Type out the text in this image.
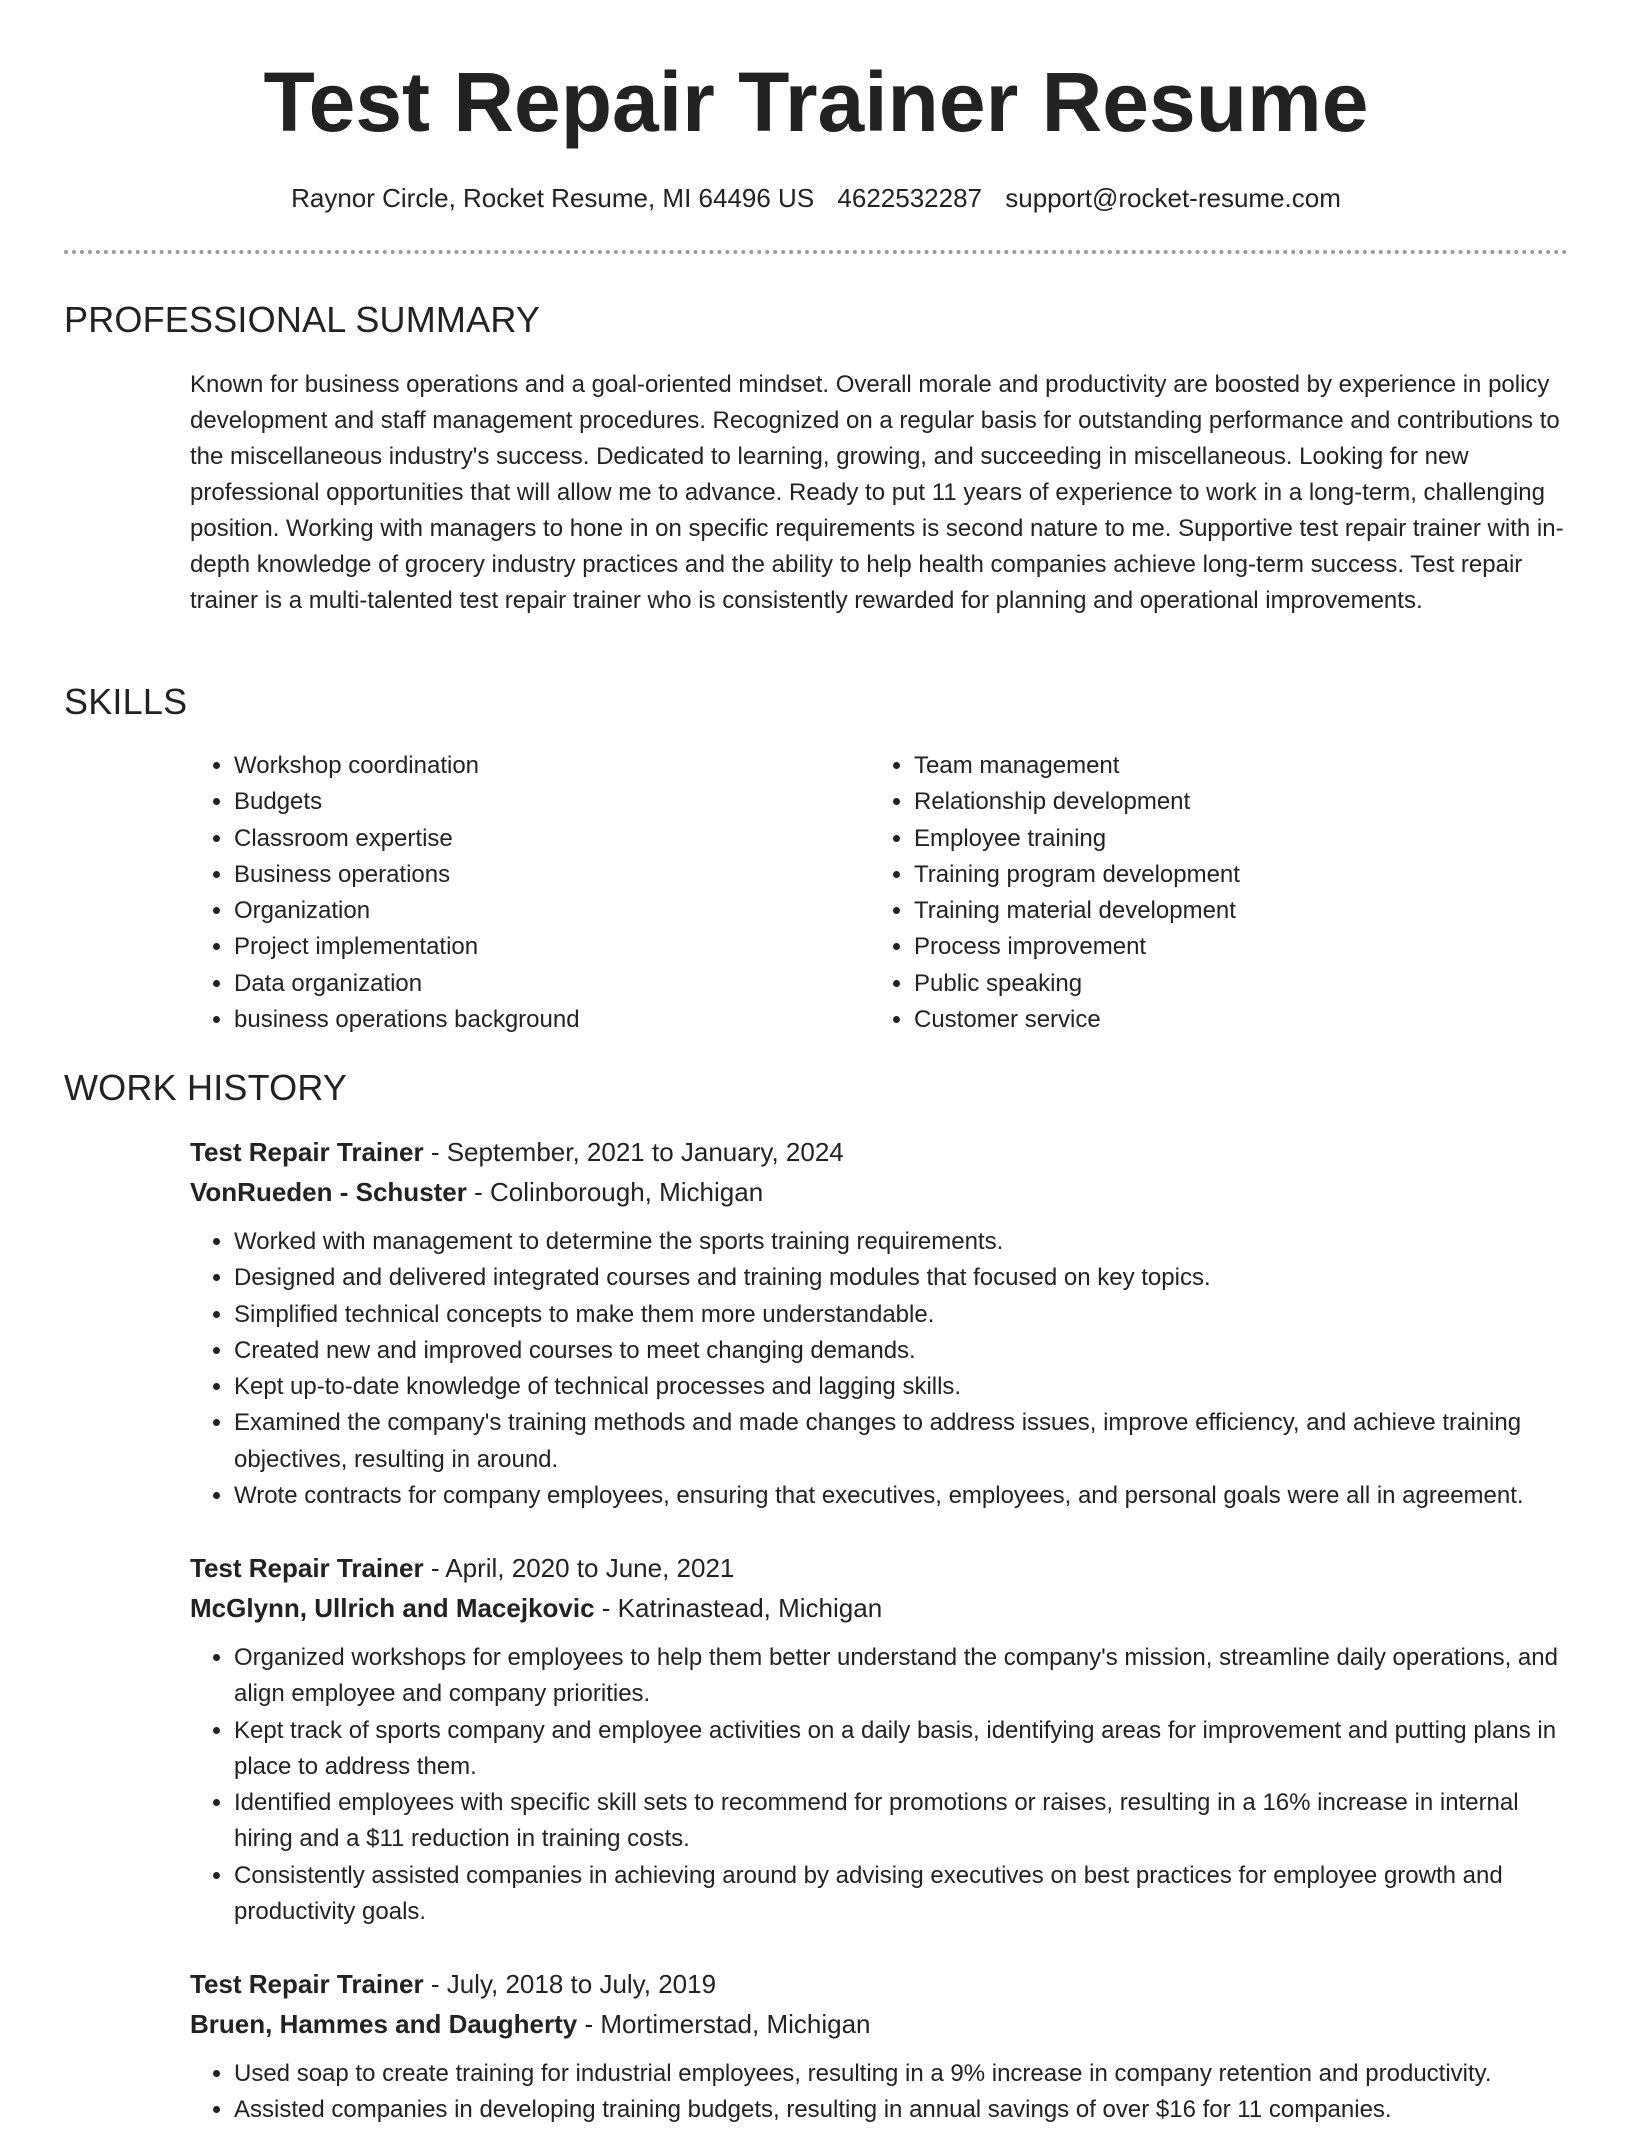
Test Repair Trainer Resume
Raynor Circle, Rocket Resume, MI 64496 US 4622532287 support@rocket-resume.com
PROFESSIONAL SUMMARY

Known for business operations and a goal-oriented mindset. Overall morale and productivity are boosted by experience in policy development and staff management procedures. Recognized on a regular basis for outstanding performance and contributions to the miscellaneous industry's success. Dedicated to learning, growing, and succeeding in miscellaneous. Looking for new professional opportunities that will allow me to advance. Ready to put 11 years of experience to work in a long-term, challenging position. Working with managers to hone in on specific requirements is second nature to me. Supportive test repair trainer with in-depth knowledge of grocery industry practices and the ability to help health companies achieve long-term success. Test repair trainer is a multi-talented test repair trainer who is consistently rewarded for planning and operational improvements.

SKILLS
• Workshop coordination
• Budgets
• Classroom expertise
• Business operations
• Organization
• Project implementation
• Data organization
• business operations background
• Team management
• Relationship development
• Employee training
• Training program development
• Training material development
• Process improvement
• Public speaking
• Customer service
WORK HISTORY

Test Repair Trainer - September, 2021 to January, 2024

VonRueden - Schuster - Colinborough, Michigan

• Worked with management to determine the sports training requirements.
• Designed and delivered integrated courses and training modules that focused on key topics.
• Simplified technical concepts to make them more understandable.
• Created new and improved courses to meet changing demands.
• Kept up-to-date knowledge of technical processes and lagging skills.
• Examined the company's training methods and made changes to address issues, improve efficiency, and achieve training objectives, resulting in around.
• Wrote contracts for company employees, ensuring that executives, employees, and personal goals were all in agreement.

Test Repair Trainer - April, 2020 to June, 2021

McGlynn, Ullrich and Macejkovic - Katrinastead, Michigan

• Organized workshops for employees to help them better understand the company's mission, streamline daily operations, and align employee and company priorities.
• Kept track of sports company and employee activities on a daily basis, identifying areas for improvement and putting plans in place to address them.
• Identified employees with specific skill sets to recommend for promotions or raises, resulting in a 16% increase in internal hiring and a $11 reduction in training costs.
• Consistently assisted companies in achieving around by advising executives on best practices for employee growth and productivity goals.

Test Repair Trainer - July, 2018 to July, 2019

Bruen, Hammes and Daugherty - Mortimerstad, Michigan

• Used soap to create training for industrial employees, resulting in a 9% increase in company retention and productivity.
• Assisted companies in developing training budgets, resulting in annual savings of over $16 for 11 companies.
